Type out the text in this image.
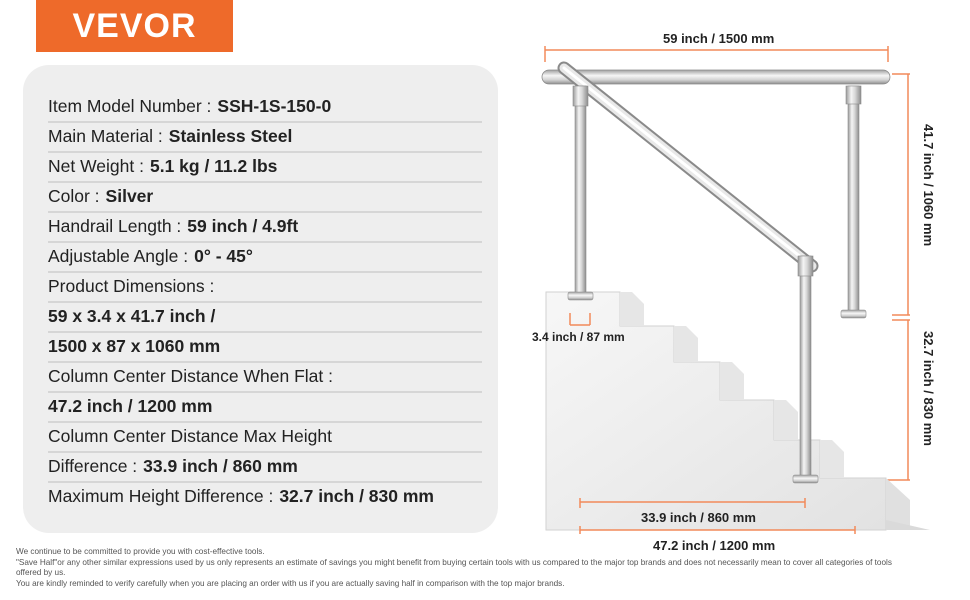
VEVOR
Item Model Number : SSH-1S-150-0
Main Material : Stainless Steel
Net Weight : 5.1 kg / 11.2 lbs
Color : Silver
Handrail Length : 59 inch / 4.9ft
Adjustable Angle : 0° - 45°
Product Dimensions :
59 x 3.4 x 41.7 inch /
1500 x 87 x 1060 mm
Column Center Distance When Flat :
47.2 inch / 1200 mm
Column Center Distance Max Height
Difference : 33.9 inch / 860 mm
Maximum Height Difference : 32.7 inch / 830 mm
59 inch / 1500 mm
41.7 inch / 1060 mm
32.7 inch / 830 mm
3.4 inch / 87 mm
33.9 inch / 860 mm
47.2 inch / 1200 mm
We continue to be committed to provide you with cost-effective tools.
"Save Half"or any other similar expressions used by us only represents an estimate of savings you might benefit from buying certain tools with us compared to the major top brands and does not necessarily mean to cover all categories of tools offered by us.
You are kindly reminded to verify carefully when you are placing an order with us if you are actually saving half in comparison with the top major brands.
